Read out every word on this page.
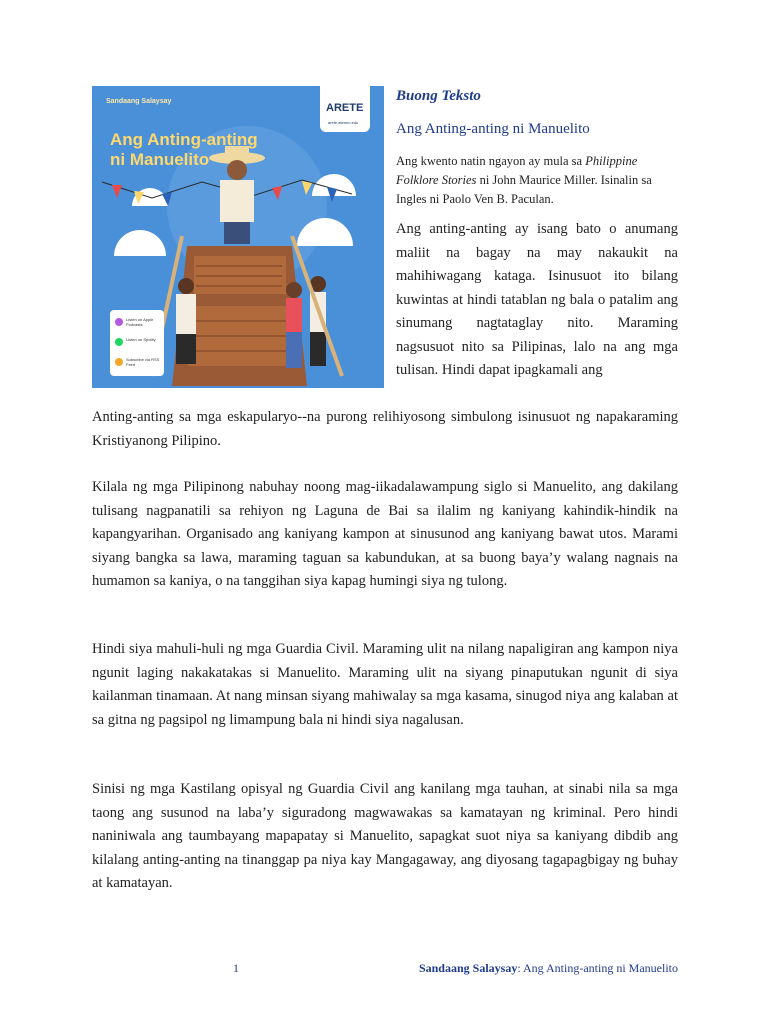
Sandaang Salaysay
Ang Anting-anting
ni Manuelito
ARETE
arete.ateneo.edu
Listen on Apple Podcasts
Listen on Spotify
Subscribe via RSS Feed
Buong Teksto
Ang Anting-anting ni Manuelito
Ang kwento natin ngayon ay mula sa Philippine Folklore Stories ni John Maurice Miller. Isinalin sa Ingles ni Paolo Ven B. Paculan.
Ang anting-anting ay isang bato o anumang maliit na bagay na may nakaukit na mahihiwagang kataga. Isinusuot ito bilang kuwintas at hindi tatablan ng bala o patalim ang sinumang nagtataglay nito. Maraming nagsusuot nito sa Pilipinas, lalo na ang mga tulisan. Hindi dapat ipagkamali ang
Anting-anting sa mga eskapularyo--na purong relihiyosong simbulong isinusuot ng napakaraming Kristiyanong Pilipino.

Kilala ng mga Pilipinong nabuhay noong mag-iikadalawampung siglo si Manuelito, ang dakilang tulisang nagpanatili sa rehiyon ng Laguna de Bai sa ilalim ng kaniyang kahindik-hindik na kapangyarihan. Organisado ang kaniyang kampon at sinusunod ang kaniyang bawat utos. Marami siyang bangka sa lawa, maraming taguan sa kabundukan, at sa buong baya’y walang nagnais na humamon sa kaniya, o na tanggihan siya kapag humingi siya ng tulong.

Hindi siya mahuli-huli ng mga Guardia Civil. Maraming ulit na nilang napaligiran ang kampon niya ngunit laging nakakatakas si Manuelito. Maraming ulit na siyang pinaputukan ngunit di siya kailanman tinamaan. At nang minsan siyang mahiwalay sa mga kasama, sinugod niya ang kalaban at sa gitna ng pagsipol ng limampung bala ni hindi siya nagalusan.

Sinisi ng mga Kastilang opisyal ng Guardia Civil ang kanilang mga tauhan, at sinabi nila sa mga taong ang susunod na laba’y siguradong magwawakas sa kamatayan ng kriminal. Pero hindi naniniwala ang taumbayang mapapatay si Manuelito, sapagkat suot niya sa kaniyang dibdib ang kilalang anting-anting na tinanggap pa niya kay Mangagaway, ang diyosang tagapagbigay ng buhay at kamatayan.

1	Sandaang Salaysay: Ang Anting-anting ni Manuelito
